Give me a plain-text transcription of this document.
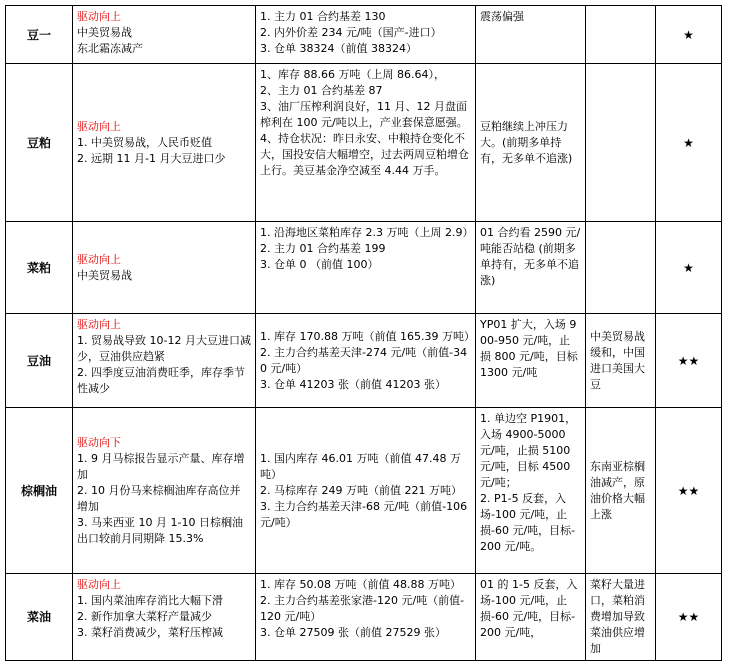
豆一	驱动向上
中美贸易战
东北霜冻减产	1. 主力 01 合约基差 130
2. 内外价差 234 元/吨（国产-进口）
3. 仓单 38324（前值 38324）	震荡偏强		★
豆粕	驱动向上
1. 中美贸易战，人民币贬值
2. 远期 11 月-1 月大豆进口少	1、库存 88.66 万吨（上周 86.64），
2、主力 01 合约基差 87
3、油厂压榨利润良好，11 月、12 月盘面榨利在 100 元/吨以上，产业套保意愿强。
4、持仓状况：昨日永安、中粮持仓变化不大，国投安信大幅增空，过去两周豆粕增仓上行。美豆基金净空减至 4.44 万手。	豆粕继续上冲压力大。(前期多单持有，无多单不追涨)		★
菜粕	驱动向上
中美贸易战	1. 沿海地区菜粕库存 2.3 万吨（上周 2.9）
2. 主力 01 合约基差 199
3. 仓单 0 （前值 100）	01 合约看 2590 元/吨能否站稳 (前期多单持有，无多单不追涨)		★
豆油	驱动向上
1. 贸易战导致 10-12 月大豆进口减少，豆油供应趋紧
2. 四季度豆油消费旺季，库存季节性减少	1. 库存 170.88 万吨（前值 165.39 万吨）
2. 主力合约基差天津-274 元/吨（前值-340 元/吨）
3. 仓单 41203 张（前值 41203 张）	YP01 扩大，入场 900-950 元/吨，止损 800 元/吨，目标 1300 元/吨	中美贸易战缓和，中国进口美国大豆	★★
棕榈油	驱动向下
1. 9 月马棕报告显示产量、库存增加
2. 10 月份马来棕榈油库存高位并增加
3. 马来西亚 10 月 1-10 日棕榈油出口较前月同期降 15.3%	1. 国内库存 46.01 万吨（前值 47.48 万吨）
2. 马棕库存 249 万吨（前值 221 万吨）
3. 主力合约基差天津-68 元/吨（前值-106 元/吨）	1. 单边空 P1901，入场 4900-5000 元/吨，止损 5100 元/吨，目标 4500 元/吨；
2. P1-5 反套，入场-100 元/吨，止损-60 元/吨，目标-200 元/吨。	东南亚棕榈油减产，原油价格大幅上涨	★★
菜油	驱动向上
1. 国内菜油库存消比大幅下滑
2. 新作加拿大菜籽产量减少
3. 菜籽消费减少，菜籽压榨减	1. 库存 50.08 万吨（前值 48.88 万吨）
2. 主力合约基差张家港-120 元/吨（前值-120 元/吨）
3. 仓单 27509 张（前值 27529 张）	01 的 1-5 反套，入场-100 元/吨，止损-60 元/吨，目标-200 元/吨，	菜籽大量进口，菜粕消费增加导致菜油供应增加	★★
